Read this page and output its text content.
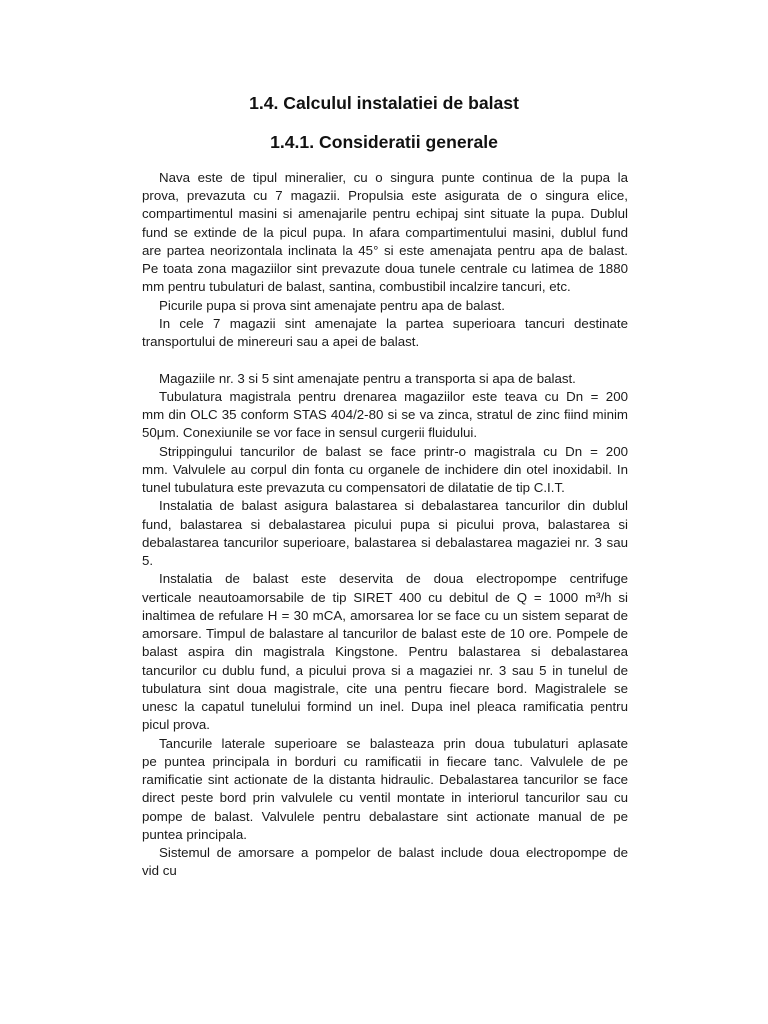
1.4. Calculul instalatiei de balast
1.4.1. Consideratii generale
Nava este de tipul mineralier, cu o singura punte continua de la pupa la
prova, prevazuta cu 7 magazii. Propulsia este asigurata de o singura elice,
compartimentul masini si amenajarile pentru echipaj sint situate la pupa. Dublul
fund se extinde de la picul pupa. In afara compartimentului masini, dublul fund
are partea neorizontala inclinata la 45° si este amenajata pentru apa de balast.
Pe toata zona magaziilor sint prevazute doua tunele centrale cu latimea de 1880
mm pentru tubulaturi de balast, santina, combustibil incalzire tancuri, etc.
Picurile pupa si prova sint amenajate pentru apa de balast.
In cele 7 magazii sint amenajate la partea superioara tancuri destinate
transportului de minereuri sau a apei de balast.
Magaziile nr. 3 si 5 sint amenajate pentru a transporta si apa de balast.
Tubulatura magistrala pentru drenarea magaziilor este teava cu Dn = 200
mm din OLC 35 conform STAS 404/2-80 si se va zinca, stratul de zinc fiind minim
50μm. Conexiunile se vor face in sensul curgerii fluidului.
Strippingului tancurilor de balast se face printr-o magistrala cu Dn = 200
mm. Valvulele au corpul din fonta cu organele de inchidere din otel inoxidabil. In
tunel tubulatura este prevazuta cu compensatori de dilatatie de tip C.I.T.
Instalatia de balast asigura balastarea si debalastarea tancurilor din dublul
fund, balastarea si debalastarea picului pupa si picului prova, balastarea si
debalastarea tancurilor superioare, balastarea si debalastarea magaziei nr. 3 sau
5.
Instalatia de balast este deservita de doua electropompe centrifuge
verticale neautoamorsabile de tip SIRET 400 cu debitul de Q = 1000 m³/h si
inaltimea de refulare H = 30 mCA, amorsarea lor se face cu un sistem separat de
amorsare. Timpul de balastare al tancurilor de balast este de 10 ore. Pompele de
balast aspira din magistrala Kingstone. Pentru balastarea si debalastarea
tancurilor cu dublu fund, a picului prova si a magaziei nr. 3 sau 5 in tunelul de
tubulatura sint doua magistrale, cite una pentru fiecare bord. Magistralele se
unesc la capatul tunelului formind un inel. Dupa inel pleaca ramificatia pentru
picul prova.
Tancurile laterale superioare se balasteaza prin doua tubulaturi aplasate
pe puntea principala in borduri cu ramificatii in fiecare tanc. Valvulele de pe
ramificatie sint actionate de la distanta hidraulic. Debalastarea tancurilor se face
direct peste bord prin valvulele cu ventil montate in interiorul tancurilor sau cu
pompe de balast. Valvulele pentru debalastare sint actionate manual de pe
puntea principala.
Sistemul de amorsare a pompelor de balast include doua electropompe de
vid cu
